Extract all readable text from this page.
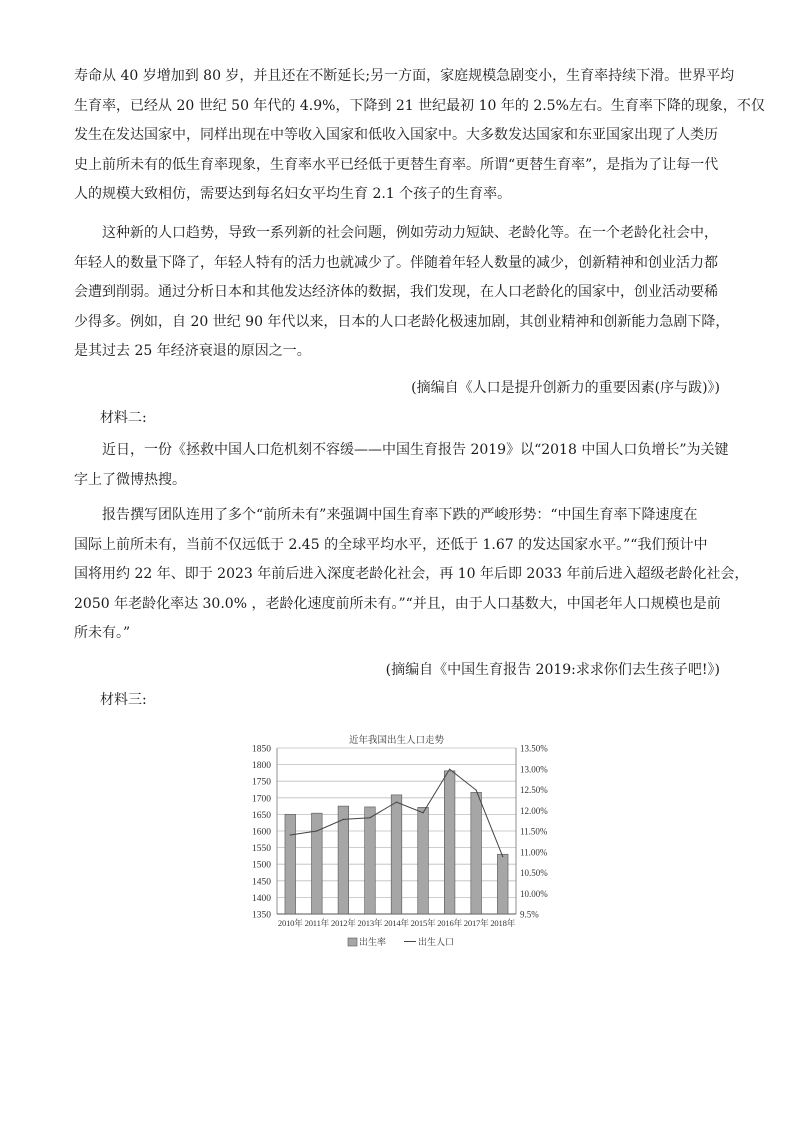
寿命从 40 岁增加到 80 岁，并且还在不断延长;另一方面，家庭规模急剧变小，生育率持续下滑。世界平均
生育率，已经从 20 世纪 50 年代的 4.9%，下降到 21 世纪最初 10 年的 2.5%左右。生育率下降的现象，不仅
发生在发达国家中，同样出现在中等收入国家和低收入国家中。大多数发达国家和东亚国家出现了人类历
史上前所未有的低生育率现象，生育率水平已经低于更替生育率。所谓“更替生育率”，是指为了让每一代
人的规模大致相仿，需要达到每名妇女平均生育 2.1 个孩子的生育率。

这种新的人口趋势，导致一系列新的社会问题，例如劳动力短缺、老龄化等。在一个老龄化社会中，
年轻人的数量下降了，年轻人特有的活力也就减少了。伴随着年轻人数量的减少，创新精神和创业活力都
会遭到削弱。通过分析日本和其他发达经济体的数据，我们发现，在人口老龄化的国家中，创业活动要稀
少得多。例如，自 20 世纪 90 年代以来，日本的人口老龄化极速加剧，其创业精神和创新能力急剧下降，
是其过去 25 年经济衰退的原因之一。

(摘编自《人口是提升创新力的重要因素(序与跋)》)
材料二:

近日，一份《拯救中国人口危机刻不容缓——中国生育报告 2019》以“2018 中国人口负增长”为关键
字上了微博热搜。

报告撰写团队连用了多个“前所未有”来强调中国生育率下跌的严峻形势：“中国生育率下降速度在
国际上前所未有，当前不仅远低于 2.45 的全球平均水平，还低于 1.67 的发达国家水平。”“我们预计中
国将用约 22 年、即于 2023 年前后进入深度老龄化社会，再 10 年后即 2033 年前后进入超级老龄化社会，
2050 年老龄化率达 30.0% ，老龄化速度前所未有。”“并且，由于人口基数大，中国老年人口规模也是前
所未有。”

(摘编自《中国生育报告 2019:求求你们去生孩子吧!》)
材料三:
近年我国出生人口走势
1850
1800
1750
1700
1650
1600
1550
1500
1450
1400
1350
13.50%
13.00%
12.50%
12.00%
11.50%
11.00%
10.50%
10.00%
9.5%
2010年 2011年 2012年 2013年 2014年 2015年 2016年 2017年 2018年
出生率	出生人口
